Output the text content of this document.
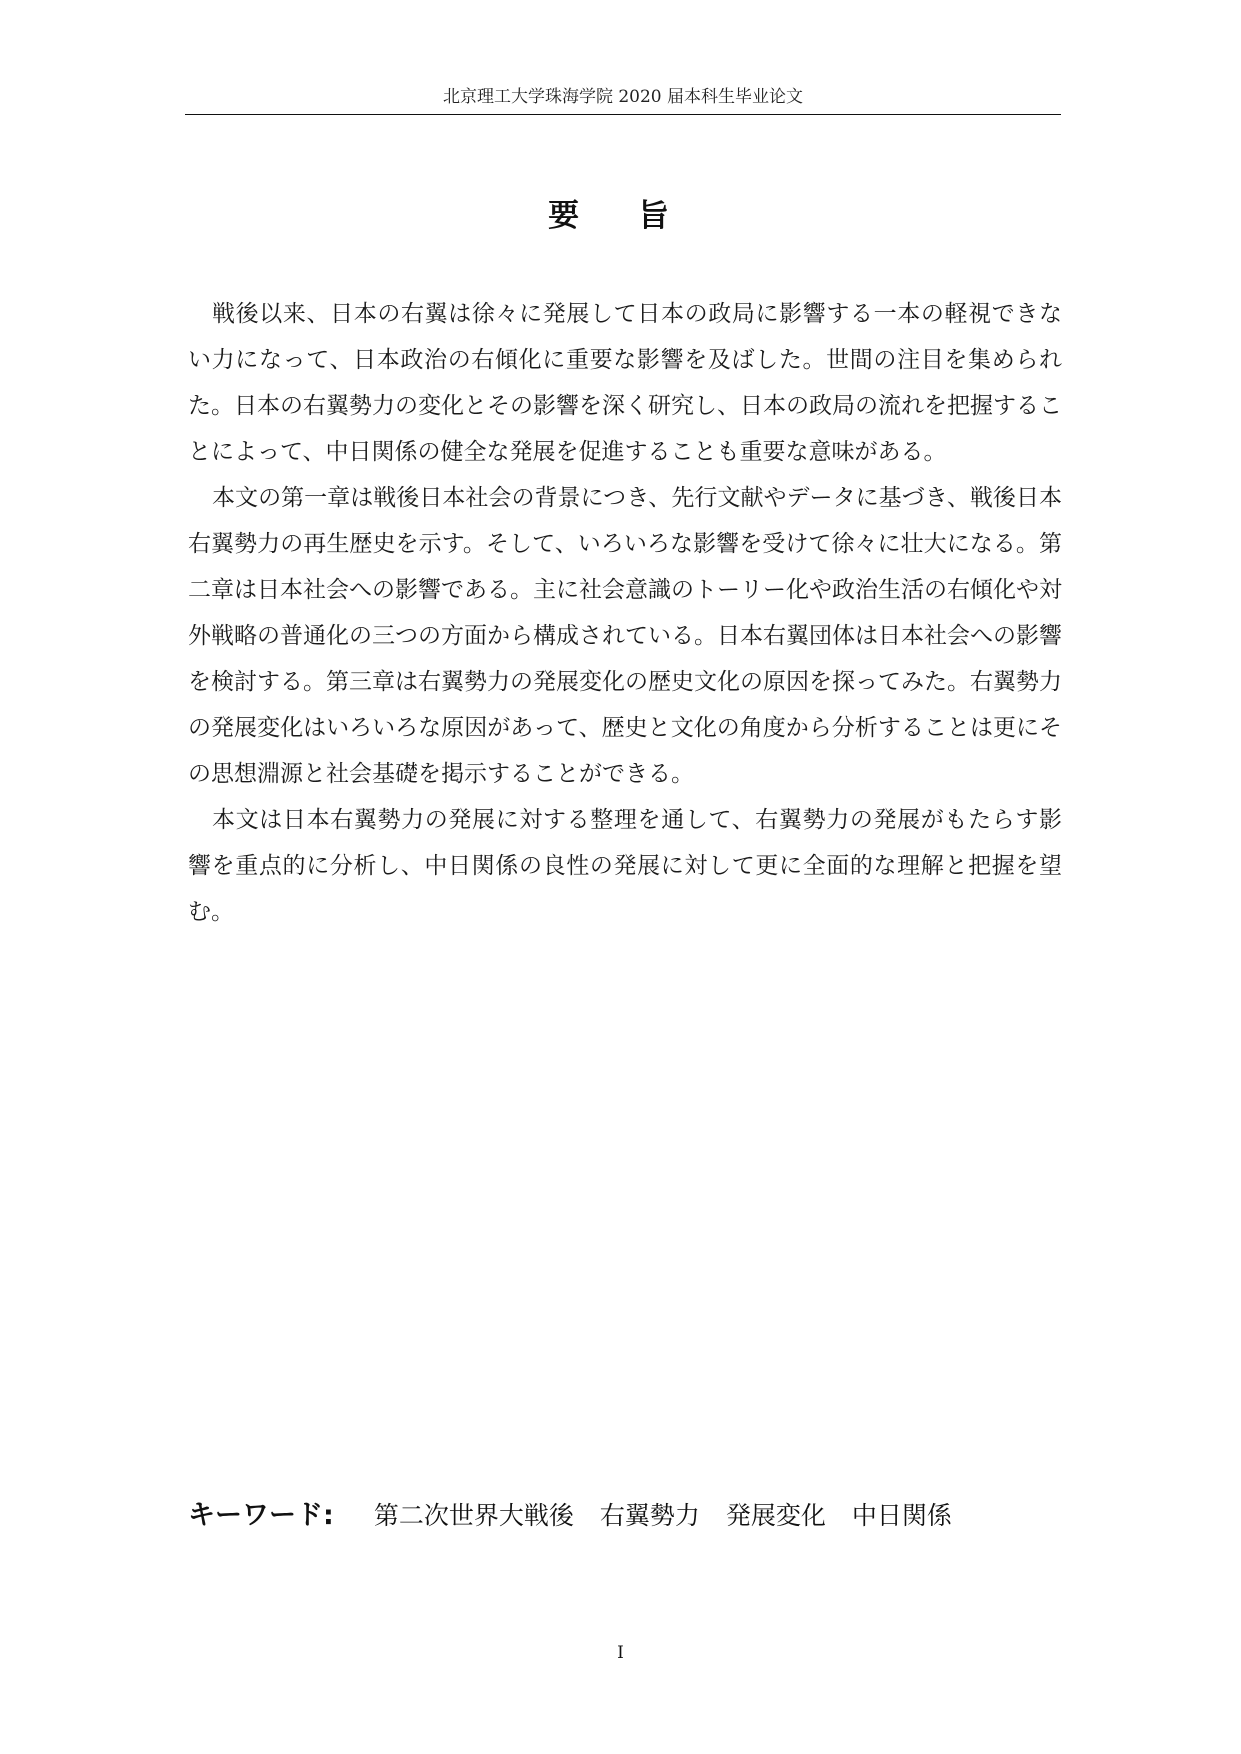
北京理工大学珠海学院 2020 届本科生毕业论文
要 旨

戦後以来、日本の右翼は徐々に発展して日本の政局に影響する一本の軽視できない力になって、日本政治の右傾化に重要な影響を及ばした。世間の注目を集められた。日本の右翼勢力の変化とその影響を深く研究し、日本の政局の流れを把握することによって、中日関係の健全な発展を促進することも重要な意味がある。

本文の第一章は戦後日本社会の背景につき、先行文献やデータに基づき、戦後日本右翼勢力の再生歴史を示す。そして、いろいろな影響を受けて徐々に壮大になる。第二章は日本社会への影響である。主に社会意識のトーリー化や政治生活の右傾化や対外戦略の普通化の三つの方面から構成されている。日本右翼団体は日本社会への影響を検討する。第三章は右翼勢力の発展変化の歴史文化の原因を探ってみた。右翼勢力の発展変化はいろいろな原因があって、歴史と文化の角度から分析することは更にその思想淵源と社会基礎を掲示することができる。

本文は日本右翼勢力の発展に対する整理を通して、右翼勢力の発展がもたらす影響を重点的に分析し、中日関係の良性の発展に対して更に全面的な理解と把握を望む。

キーワード: 第二次世界大戦後 右翼勢力 発展変化 中日関係
I
